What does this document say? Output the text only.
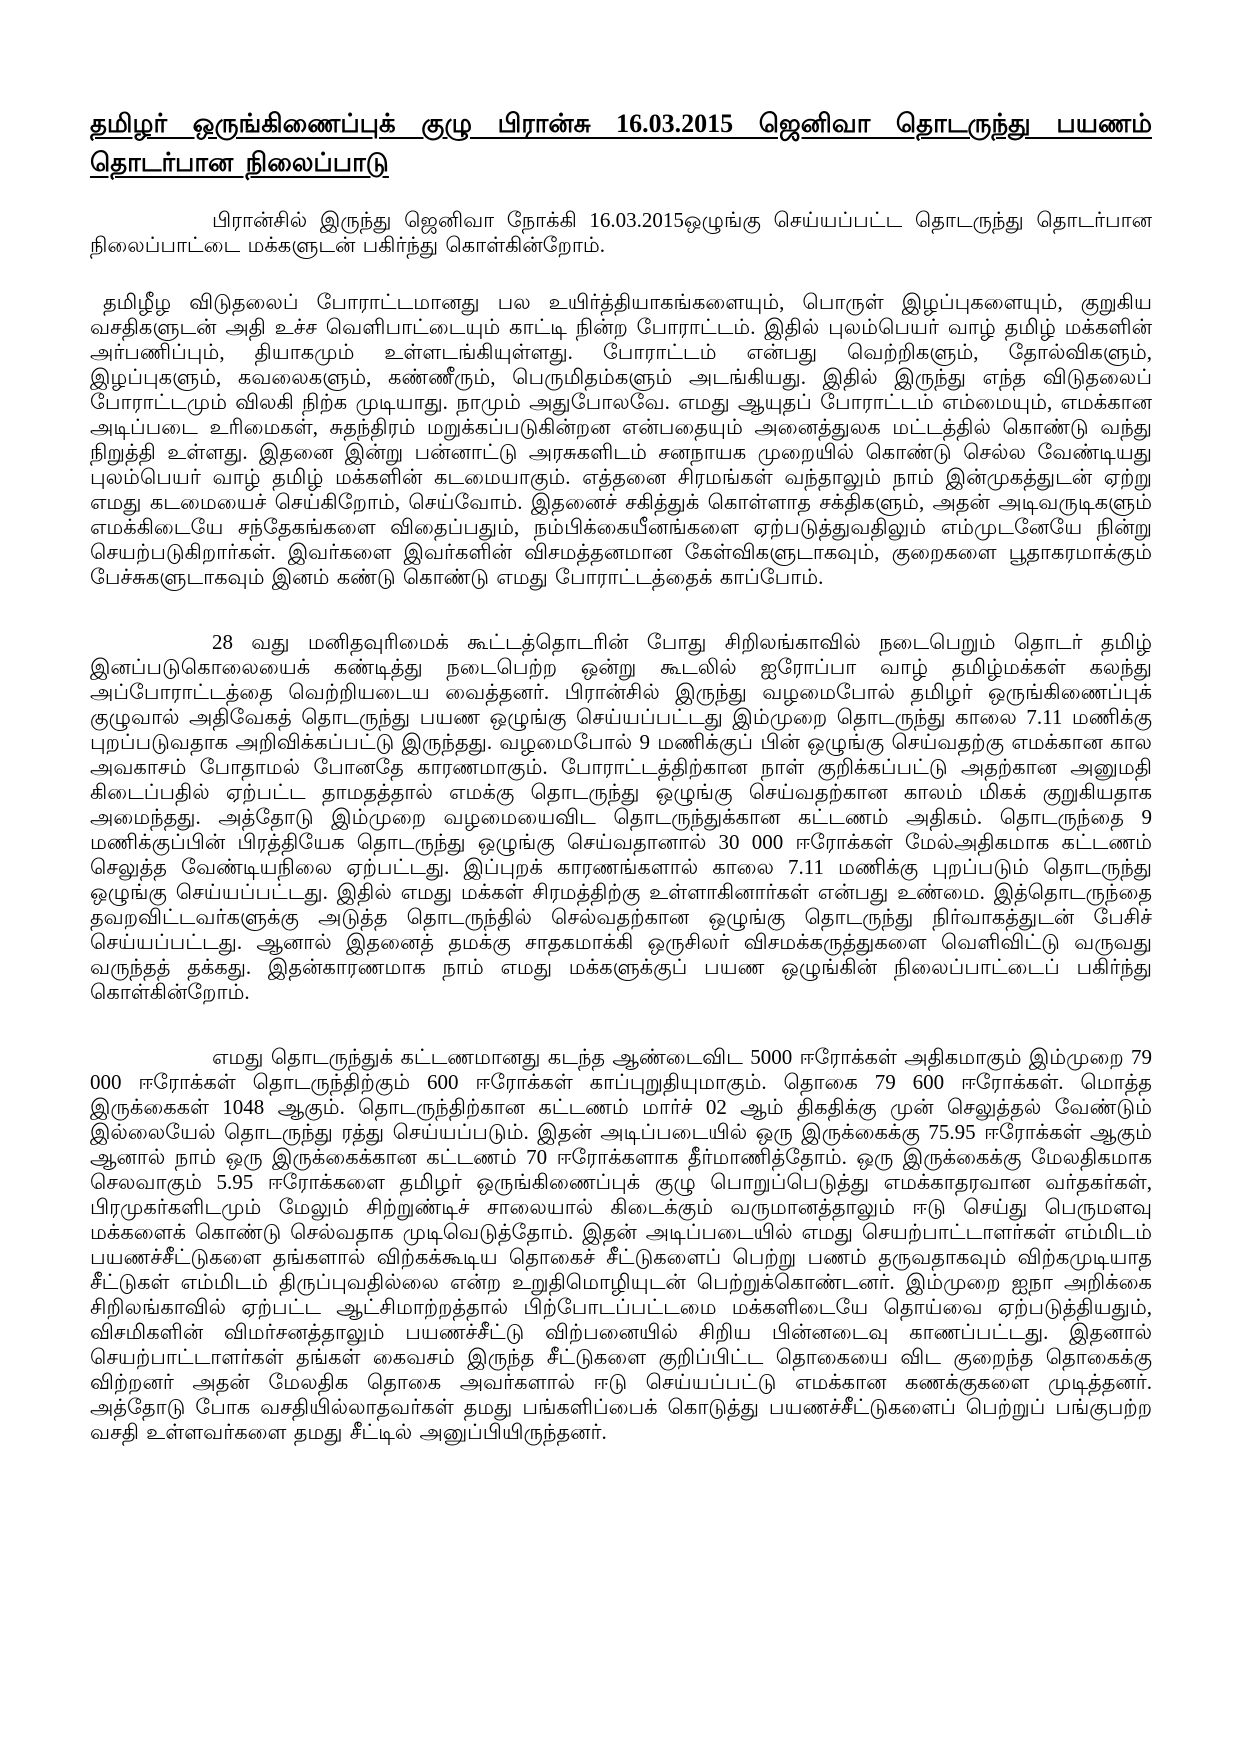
தமிழர் ஒருங்கிணைப்புக் குழு பிரான்சு 16.03.2015 ஜெனிவா தொடருந்து பயணம் தொடர்பான நிலைப்பாடு

பிரான்சில் இருந்து ஜெனிவா நோக்கி 16.03.2015ஒழுங்கு செய்யப்பட்ட தொடருந்து தொடர்பான நிலைப்பாட்டை மக்களுடன் பகிர்ந்து கொள்கின்றோம்.

தமிழீழ விடுதலைப் போராட்டமானது பல உயிர்த்தியாகங்களையும், பொருள் இழப்புகளையும், குறுகிய வசதிகளுடன் அதி உச்ச வெளிபாட்டையும் காட்டி நின்ற போராட்டம். இதில் புலம்பெயர் வாழ் தமிழ் மக்களின் அர்பணிப்பும், தியாகமும் உள்ளடங்கியுள்ளது. போராட்டம் என்பது வெற்றிகளும், தோல்விகளும், இழப்புகளும், கவலைகளும், கண்ணீரும், பெருமிதம்களும் அடங்கியது. இதில் இருந்து எந்த விடுதலைப் போராட்டமும் விலகி நிற்க முடியாது. நாமும் அதுபோலவே. எமது ஆயுதப் போராட்டம் எம்மையும், எமக்கான அடிப்படை உரிமைகள், சுதந்திரம் மறுக்கப்படுகின்றன என்பதையும் அனைத்துலக மட்டத்தில் கொண்டு வந்து நிறுத்தி உள்ளது. இதனை இன்று பன்னாட்டு அரசுகளிடம் சனநாயக முறையில் கொண்டு செல்ல வேண்டியது புலம்பெயர் வாழ் தமிழ் மக்களின் கடமையாகும். எத்தனை சிரமங்கள் வந்தாலும் நாம் இன்முகத்துடன் ஏற்று எமது கடமையைச் செய்கிறோம், செய்வோம். இதனைச் சகித்துக் கொள்ளாத சக்திகளும், அதன் அடிவருடிகளும் எமக்கிடையே சந்தேகங்களை விதைப்பதும், நம்பிக்கையீனங்களை ஏற்படுத்துவதிலும் எம்முடனேயே நின்று செயற்படுகிறார்கள். இவர்களை இவர்களின் விசமத்தனமான கேள்விகளுடாகவும், குறைகளை பூதாகரமாக்கும் பேச்சுகளுடாகவும் இனம் கண்டு கொண்டு எமது போராட்டத்தைக் காப்போம்.

28 வது மனிதவுரிமைக் கூட்டத்தொடரின் போது சிறிலங்காவில் நடைபெறும் தொடர் தமிழ் இனப்படுகொலையைக் கண்டித்து நடைபெற்ற ஒன்று கூடலில் ஐரோப்பா வாழ் தமிழ்மக்கள் கலந்து அப்போராட்டத்தை வெற்றியடைய வைத்தனர். பிரான்சில் இருந்து வழமைபோல் தமிழர் ஒருங்கிணைப்புக் குழுவால் அதிவேகத் தொடருந்து பயண ஒழுங்கு செய்யப்பட்டது இம்முறை தொடருந்து காலை 7.11 மணிக்கு புறப்படுவதாக அறிவிக்கப்பட்டு இருந்தது. வழமைபோல் 9 மணிக்குப் பின் ஒழுங்கு செய்வதற்கு எமக்கான கால அவகாசம் போதாமல் போனதே காரணமாகும். போராட்டத்திற்கான நாள் குறிக்கப்பட்டு அதற்கான அனுமதி கிடைப்பதில் ஏற்பட்ட தாமதத்தால் எமக்கு தொடருந்து ஒழுங்கு செய்வதற்கான காலம் மிகக் குறுகியதாக அமைந்தது. அத்தோடு இம்முறை வழமையைவிட தொடருந்துக்கான கட்டணம் அதிகம். தொடருந்தை 9 மணிக்குப்பின் பிரத்தியேக தொடருந்து ஒழுங்கு செய்வதானால் 30 000 ஈரோக்கள் மேல்அதிகமாக கட்டணம் செலுத்த வேண்டியநிலை ஏற்பட்டது. இப்புறக் காரணங்களால் காலை 7.11 மணிக்கு புறப்படும் தொடருந்து ஒழுங்கு செய்யப்பட்டது. இதில் எமது மக்கள் சிரமத்திற்கு உள்ளாகினார்கள் என்பது உண்மை. இத்தொடருந்தை தவறவிட்டவர்களுக்கு அடுத்த தொடருந்தில் செல்வதற்கான ஒழுங்கு தொடருந்து நிர்வாகத்துடன் பேசிச் செய்யப்பட்டது. ஆனால் இதனைத் தமக்கு சாதகமாக்கி ஒருசிலர் விசமக்கருத்துகளை வெளிவிட்டு வருவது வருந்தத் தக்கது. இதன்காரணமாக நாம் எமது மக்களுக்குப் பயண ஒழுங்கின் நிலைப்பாட்டைப் பகிர்ந்து கொள்கின்றோம்.

எமது தொடருந்துக் கட்டணமானது கடந்த ஆண்டைவிட 5000 ஈரோக்கள் அதிகமாகும் இம்முறை 79 000 ஈரோக்கள் தொடருந்திற்கும் 600 ஈரோக்கள் காப்புறுதியுமாகும். தொகை 79 600 ஈரோக்கள். மொத்த இருக்கைகள் 1048 ஆகும். தொடருந்திற்கான கட்டணம் மார்ச் 02 ஆம் திகதிக்கு முன் செலுத்தல் வேண்டும் இல்லையேல் தொடருந்து ரத்து செய்யப்படும். இதன் அடிப்படையில் ஒரு இருக்கைக்கு 75.95 ஈரோக்கள் ஆகும் ஆனால் நாம் ஒரு இருக்கைக்கான கட்டணம் 70 ஈரோக்களாக தீர்மாணித்தோம். ஒரு இருக்கைக்கு மேலதிகமாக செலவாகும் 5.95 ஈரோக்களை தமிழர் ஒருங்கிணைப்புக் குழு பொறுப்பெடுத்து எமக்காதரவான வர்தகர்கள், பிரமுகர்களிடமும் மேலும் சிற்றுண்டிச் சாலையால் கிடைக்கும் வருமானத்தாலும் ஈடு செய்து பெருமளவு மக்களைக் கொண்டு செல்வதாக முடிவெடுத்தோம். இதன் அடிப்படையில் எமது செயற்பாட்டாளர்கள் எம்மிடம் பயணச்சீட்டுகளை தங்களால் விற்கக்கூடிய தொகைச் சீட்டுகளைப் பெற்று பணம் தருவதாகவும் விற்கமுடியாத சீட்டுகள் எம்மிடம் திருப்புவதில்லை என்ற உறுதிமொழியுடன் பெற்றுக்கொண்டனர். இம்முறை ஐநா அறிக்கை சிறிலங்காவில் ஏற்பட்ட ஆட்சிமாற்றத்தால் பிற்போடப்பட்டமை மக்களிடையே தொய்வை ஏற்படுத்தியதும், விசமிகளின் விமர்சனத்தாலும் பயணச்சீட்டு விற்பனையில் சிறிய பின்னடைவு காணப்பட்டது. இதனால் செயற்பாட்டாளர்கள் தங்கள் கைவசம் இருந்த சீட்டுகளை குறிப்பிட்ட தொகையை விட குறைந்த தொகைக்கு விற்றனர் அதன் மேலதிக தொகை அவர்களால் ஈடு செய்யப்பட்டு எமக்கான கணக்குகளை முடித்தனர். அத்தோடு போக வசதியில்லாதவர்கள் தமது பங்களிப்பைக் கொடுத்து பயணச்சீட்டுகளைப் பெற்றுப் பங்குபற்ற வசதி உள்ளவர்களை தமது சீட்டில் அனுப்பியிருந்தனர்.
